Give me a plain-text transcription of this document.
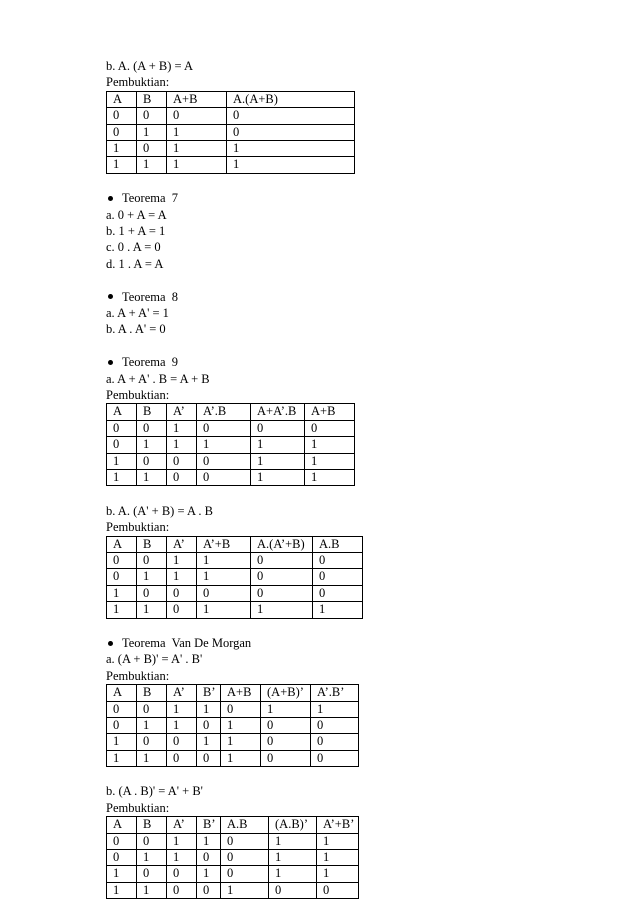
b. A. (A + B) = A
Pembuktian:
A	B	A+B	A.(A+B)
0	0	0	0
0	1	1	0
1	0	1	1
1	1	1	1
Teorema  7
a. 0 + A = A
b. 1 + A = 1
c. 0 . A = 0
d. 1 . A = A
Teorema  8
a. A + A' = 1
b. A . A' = 0
Teorema  9
a. A + A' . B = A + B
Pembuktian:
A	B	A’	A’.B	A+A’.B	A+B
0	0	1	0	0	0
0	1	1	1	1	1
1	0	0	0	1	1
1	1	0	0	1	1
b. A. (A' + B) = A . B
Pembuktian:
A	B	A’	A’+B	A.(A’+B)	A.B
0	0	1	1	0	0
0	1	1	1	0	0
1	0	0	0	0	0
1	1	0	1	1	1
Teorema  Van De Morgan
a. (A + B)' = A' . B'
Pembuktian:
A	B	A’	B’	A+B	(A+B)’	A’.B’
0	0	1	1	0	1	1
0	1	1	0	1	0	0
1	0	0	1	1	0	0
1	1	0	0	1	0	0
b. (A . B)' = A' + B'
Pembuktian:
A	B	A’	B’	A.B	(A.B)’	A’+B’
0	0	1	1	0	1	1
0	1	1	0	0	1	1
1	0	0	1	0	1	1
1	1	0	0	1	0	0
